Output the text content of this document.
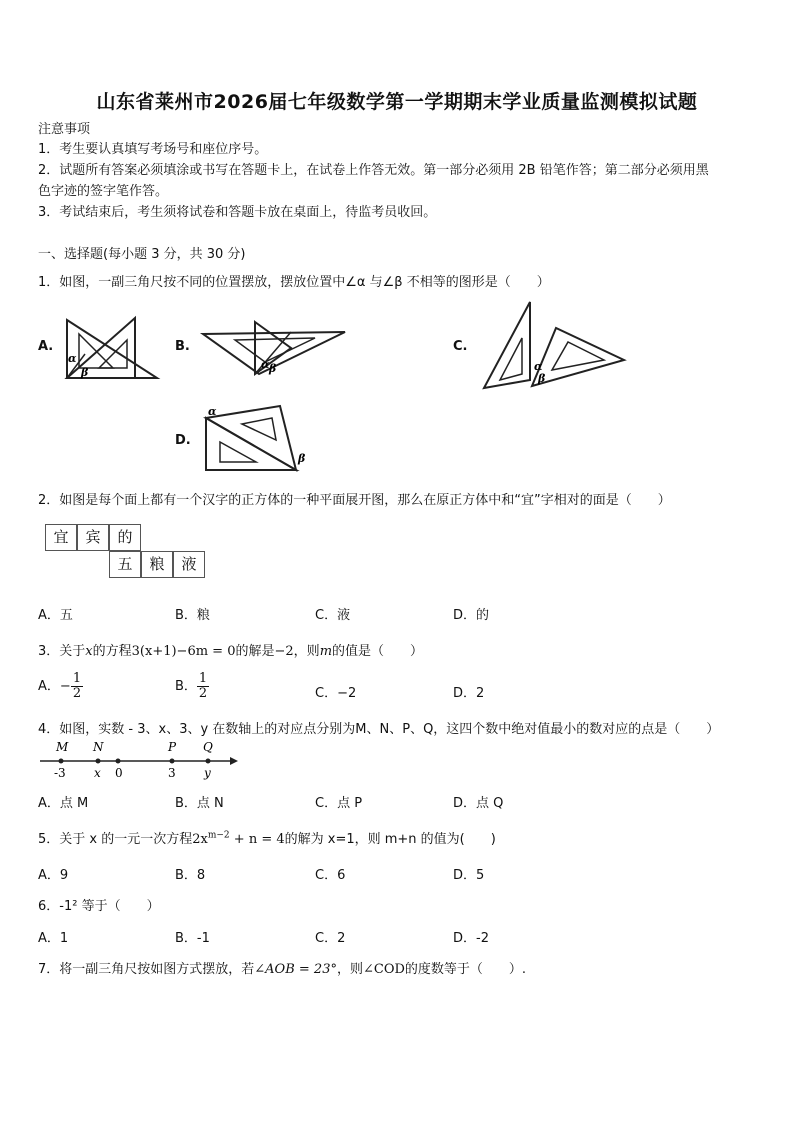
山东省莱州市2026届七年级数学第一学期期末学业质量监测模拟试题
注意事项
1．考生要认真填写考场号和座位序号。
2．试题所有答案必须填涂或书写在答题卡上，在试卷上作答无效。第一部分必须用 2B 铅笔作答；第二部分必须用黑
色字迹的签字笔作答。
3．考试结束后，考生须将试卷和答题卡放在桌面上，待监考员收回。
一、选择题(每小题 3 分，共 30 分)
1．如图，一副三角尺按不同的位置摆放，摆放位置中∠α 与∠β 不相等的图形是（　　）
A.
α
β
B.
α β
C.
α
β
D.
α
β
2．如图是每个面上都有一个汉字的正方体的一种平面展开图，那么在原正方体中和“宜”字相对的面是（　　）
宜	宾	的
五	粮	液
A．五	B．粮	C．液	D．的
3．关于x的方程3(x+1)−6m = 0的解是−2，则m的值是（　　）
A．− $\frac{1}{2}$	B． $\frac{1}{2}$	C．−2	D．2
4．如图，实数 - 3、x、3、y 在数轴上的对应点分别为M、N、P、Q，这四个数中绝对值最小的数对应的点是（　　）
M N	P Q
-3 x 0	3 y
A．点 M	B．点 N	C．点 P	D．点 Q
5．关于 x 的一元一次方程$2x^{m-2} + n = 4$的解为 x=1，则 m+n 的值为(　　)
A．9	B．8	C．6	D．5
6．-1² 等于（　　）
A．1	B．-1	C．2	D．-2
7．将一副三角尺按如图方式摆放，若∠AOB = 23°，则∠COD的度数等于（　　）.
